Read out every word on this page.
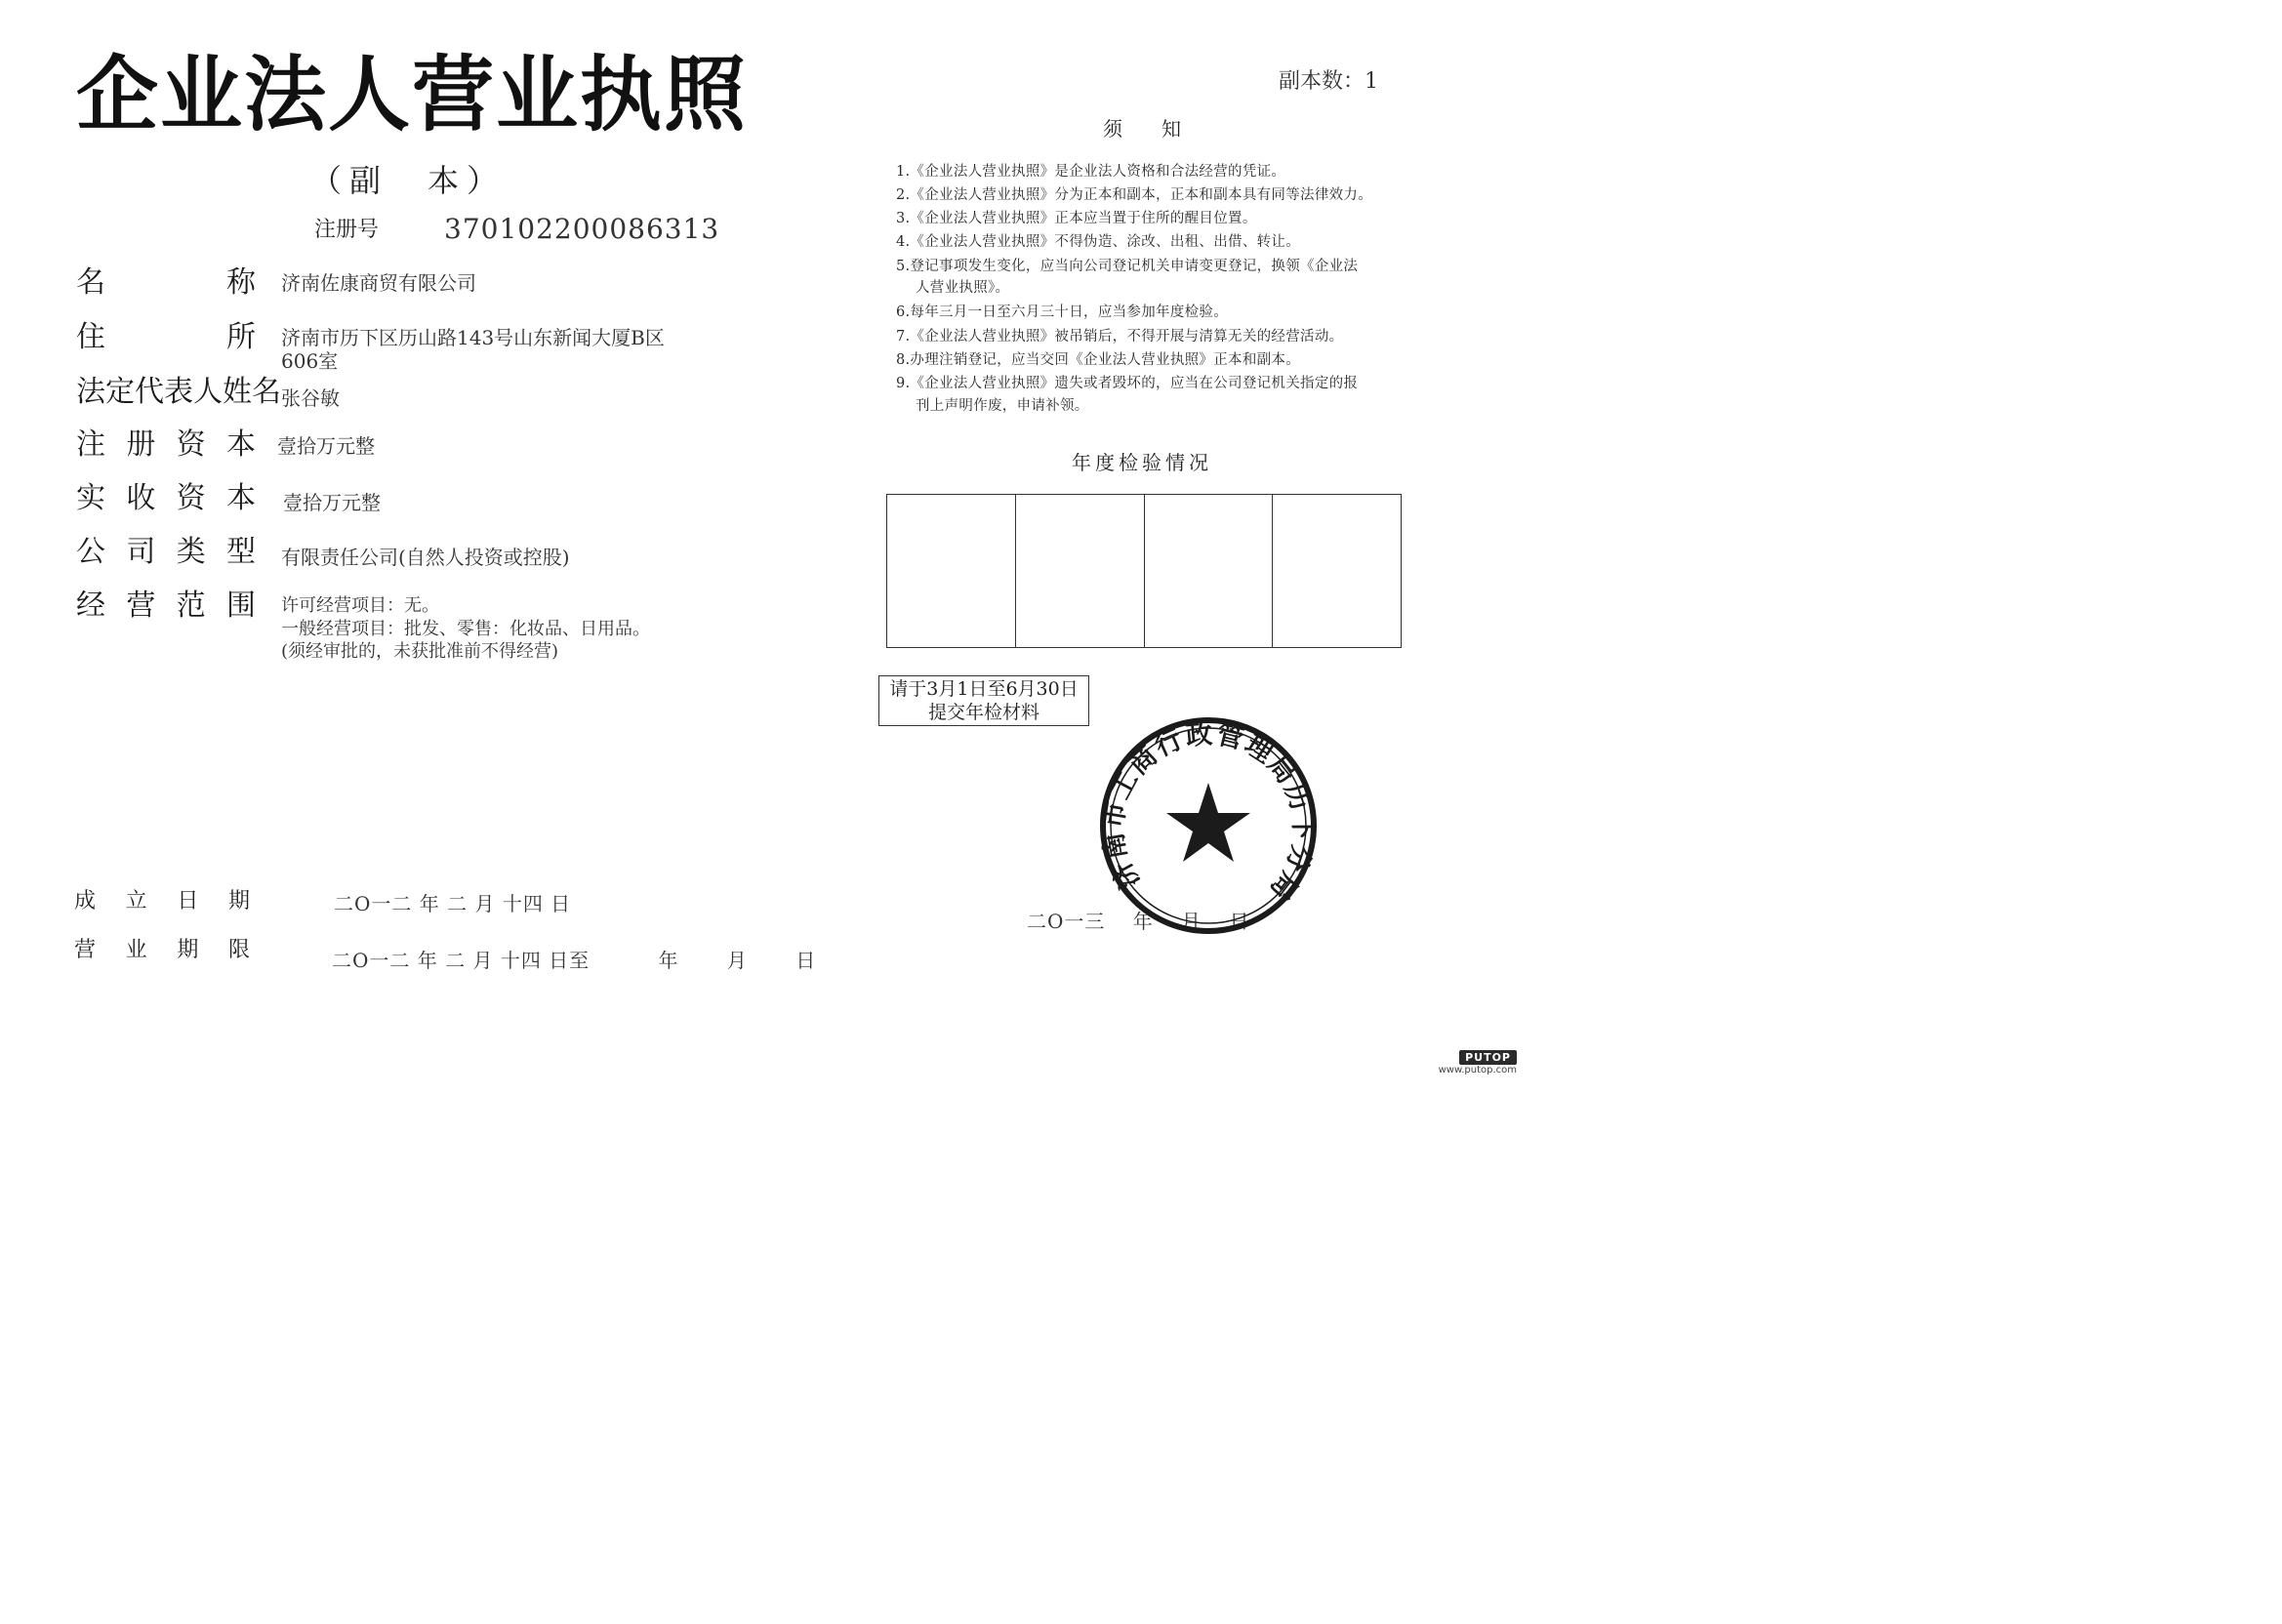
企业法人营业执照	副本数：1
（副　本）
注册号 370102200086313
名	称 济南佐康商贸有限公司
住	所 济南市历下区历山路143号山东新闻大厦B区
606室
法定代表人姓名 张谷敏
注 册 资 本 壹拾万元整
实 收 资 本 壹拾万元整
公 司 类 型 有限责任公司(自然人投资或控股)
经 营 范 围 许可经营项目：无。
一般经营项目：批发、零售：化妆品、日用品。
(须经审批的，未获批准前不得经营)
须知
1.《企业法人营业执照》是企业法人资格和合法经营的凭证。
2.《企业法人营业执照》分为正本和副本，正本和副本具有同等法律效力。
3.《企业法人营业执照》正本应当置于住所的醒目位置。
4.《企业法人营业执照》不得伪造、涂改、出租、出借、转让。
5.登记事项发生变化，应当向公司登记机关申请变更登记，换领《企业法
人营业执照》。
6.每年三月一日至六月三十日，应当参加年度检验。
7.《企业法人营业执照》被吊销后，不得开展与清算无关的经营活动。
8.办理注销登记，应当交回《企业法人营业执照》正本和副本。
9.《企业法人营业执照》遗失或者毁坏的，应当在公司登记机关指定的报
刊上声明作废，申请补领。
年度检验情况
请于3月1日至6月30日
提交年检材料
成 立 日 期	二O一二 年 二 月 十四 日
营 业 期 限	二O一二 年 二 月 十四 日至 　　　年 　　月 　　日
二O一三 　年 　月 　日
济南市工商行政管理局历下分局
PUTOP
www.putop.com
